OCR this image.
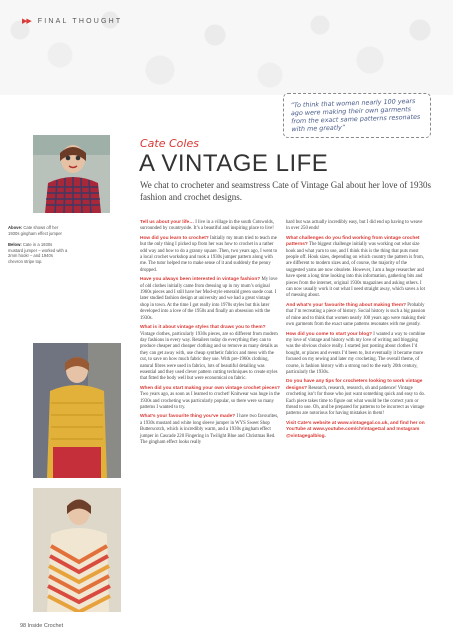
▶▶ FINAL THOUGHT
“To think that women nearly 100 years ago were making their own garments from the exact same patterns resonates with me greatly”
Above: Cate shows off her 1930s gingham effect jumper
Below: Cate in a 1930s mustard jumper – worked with a 2mm hook! – and 1940s chevron stripe top.
Cate Coles
A VINTAGE LIFE
We chat to crocheter and seamstress Cate of Vintage Gal about her love of 1930s fashion and crochet designs.

Tell us about your life… I live in a village in the south Cotswolds, surrounded by countryside. It’s a beautiful and inspiring place to live!

How did you learn to crochet? Initially my mum tried to teach me but the only thing I picked up from her was how to crochet in a rather odd way and how to do a granny square. Then, two years ago, I went to a local crochet workshop and took a 1930s jumper pattern along with me. The tutor helped me to make sense of it and suddenly the penny dropped.

Have you always been interested in vintage fashion? My love of old clothes initially came from dressing up in my mum’s original 1960s pieces and I still have her Mod-style emerald green suede coat. I later studied fashion design at university and we had a great vintage shop in town. At the time I got really into 1970s styles but this later developed into a love of the 1950s and finally an obsession with the 1930s.

What is it about vintage styles that draws you to them? Vintage clothes, particularly 1930s pieces, are so different from modern day fashions in every way. Retailers today do everything they can to produce cheaper and cheaper clothing and so remove as many details as they can get away with, use cheap synthetic fabrics and mess with the cut, to save on how much fabric they use. With pre-1960s clothing, natural fibres were used in fabrics, lots of beautiful detailing was essential and they used clever pattern cutting techniques to create styles that fitted the body well but were economical on fabric.

When did you start making your own vintage crochet pieces? Two years ago, as soon as I learned to crochet! Knitwear was huge in the 1930s and crocheting was particularly popular, so there were so many patterns I wanted to try.

What’s your favourite thing you’ve made? I have two favourites, a 1930s mustard and white long sleeve jumper in WYS Sweet Shop Butterscotch, which is incredibly warm, and a 1930s gingham effect jumper in Cascade 220 Fingering in Twilight Blue and Christmas Red. The gingham effect looks really

hard but was actually incredibly easy, but I did end up having to weave in over 250 ends!

What challenges do you find working from vintage crochet patterns? The biggest challenge initially was working out what size hook and what yarn to use, and I think this is the thing that puts most people off. Hook sizes, depending on which country the pattern is from, are different to modern sizes and, of course, the majority of the suggested yarns are now obsolete. However, I am a huge researcher and have spent a long time looking into this information, gathering bits and pieces from the internet, original 1930s magazines and asking others. I can now usually work it out what I need straight away, which saves a lot of messing about.

And what’s your favourite thing about making them? Probably that I’m recreating a piece of history. Social history is such a big passion of mine and to think that women nearly 100 years ago were making their own garments from the exact same patterns resonates with me greatly.

How did you come to start your blog? I wanted a way to combine my love of vintage and history with my love of writing and blogging was the obvious choice really. I started just posting about clothes I’d bought, or places and events I’d been to, but eventually it became more focused on my sewing and later my crocheting. The overall theme, of course, is fashion history with a strong nod to the early 20th century, particularly the 1930s.

Do you have any tips for crocheters looking to work vintage designs? Research, research, research, oh and patience! Vintage crocheting isn’t for those who just want something quick and easy to do. Each piece takes time to figure out what would be the correct yarn or thread to use. Oh, and be prepared for patterns to be incorrect as vintage patterns are notorious for having mistakes in them!

Visit Cate’s website at www.vintagegal.co.uk, and find her on YouTube at www.youtube.com/c/VintageGal and Instagram @vintagegalblog.

98 Inside Crochet
